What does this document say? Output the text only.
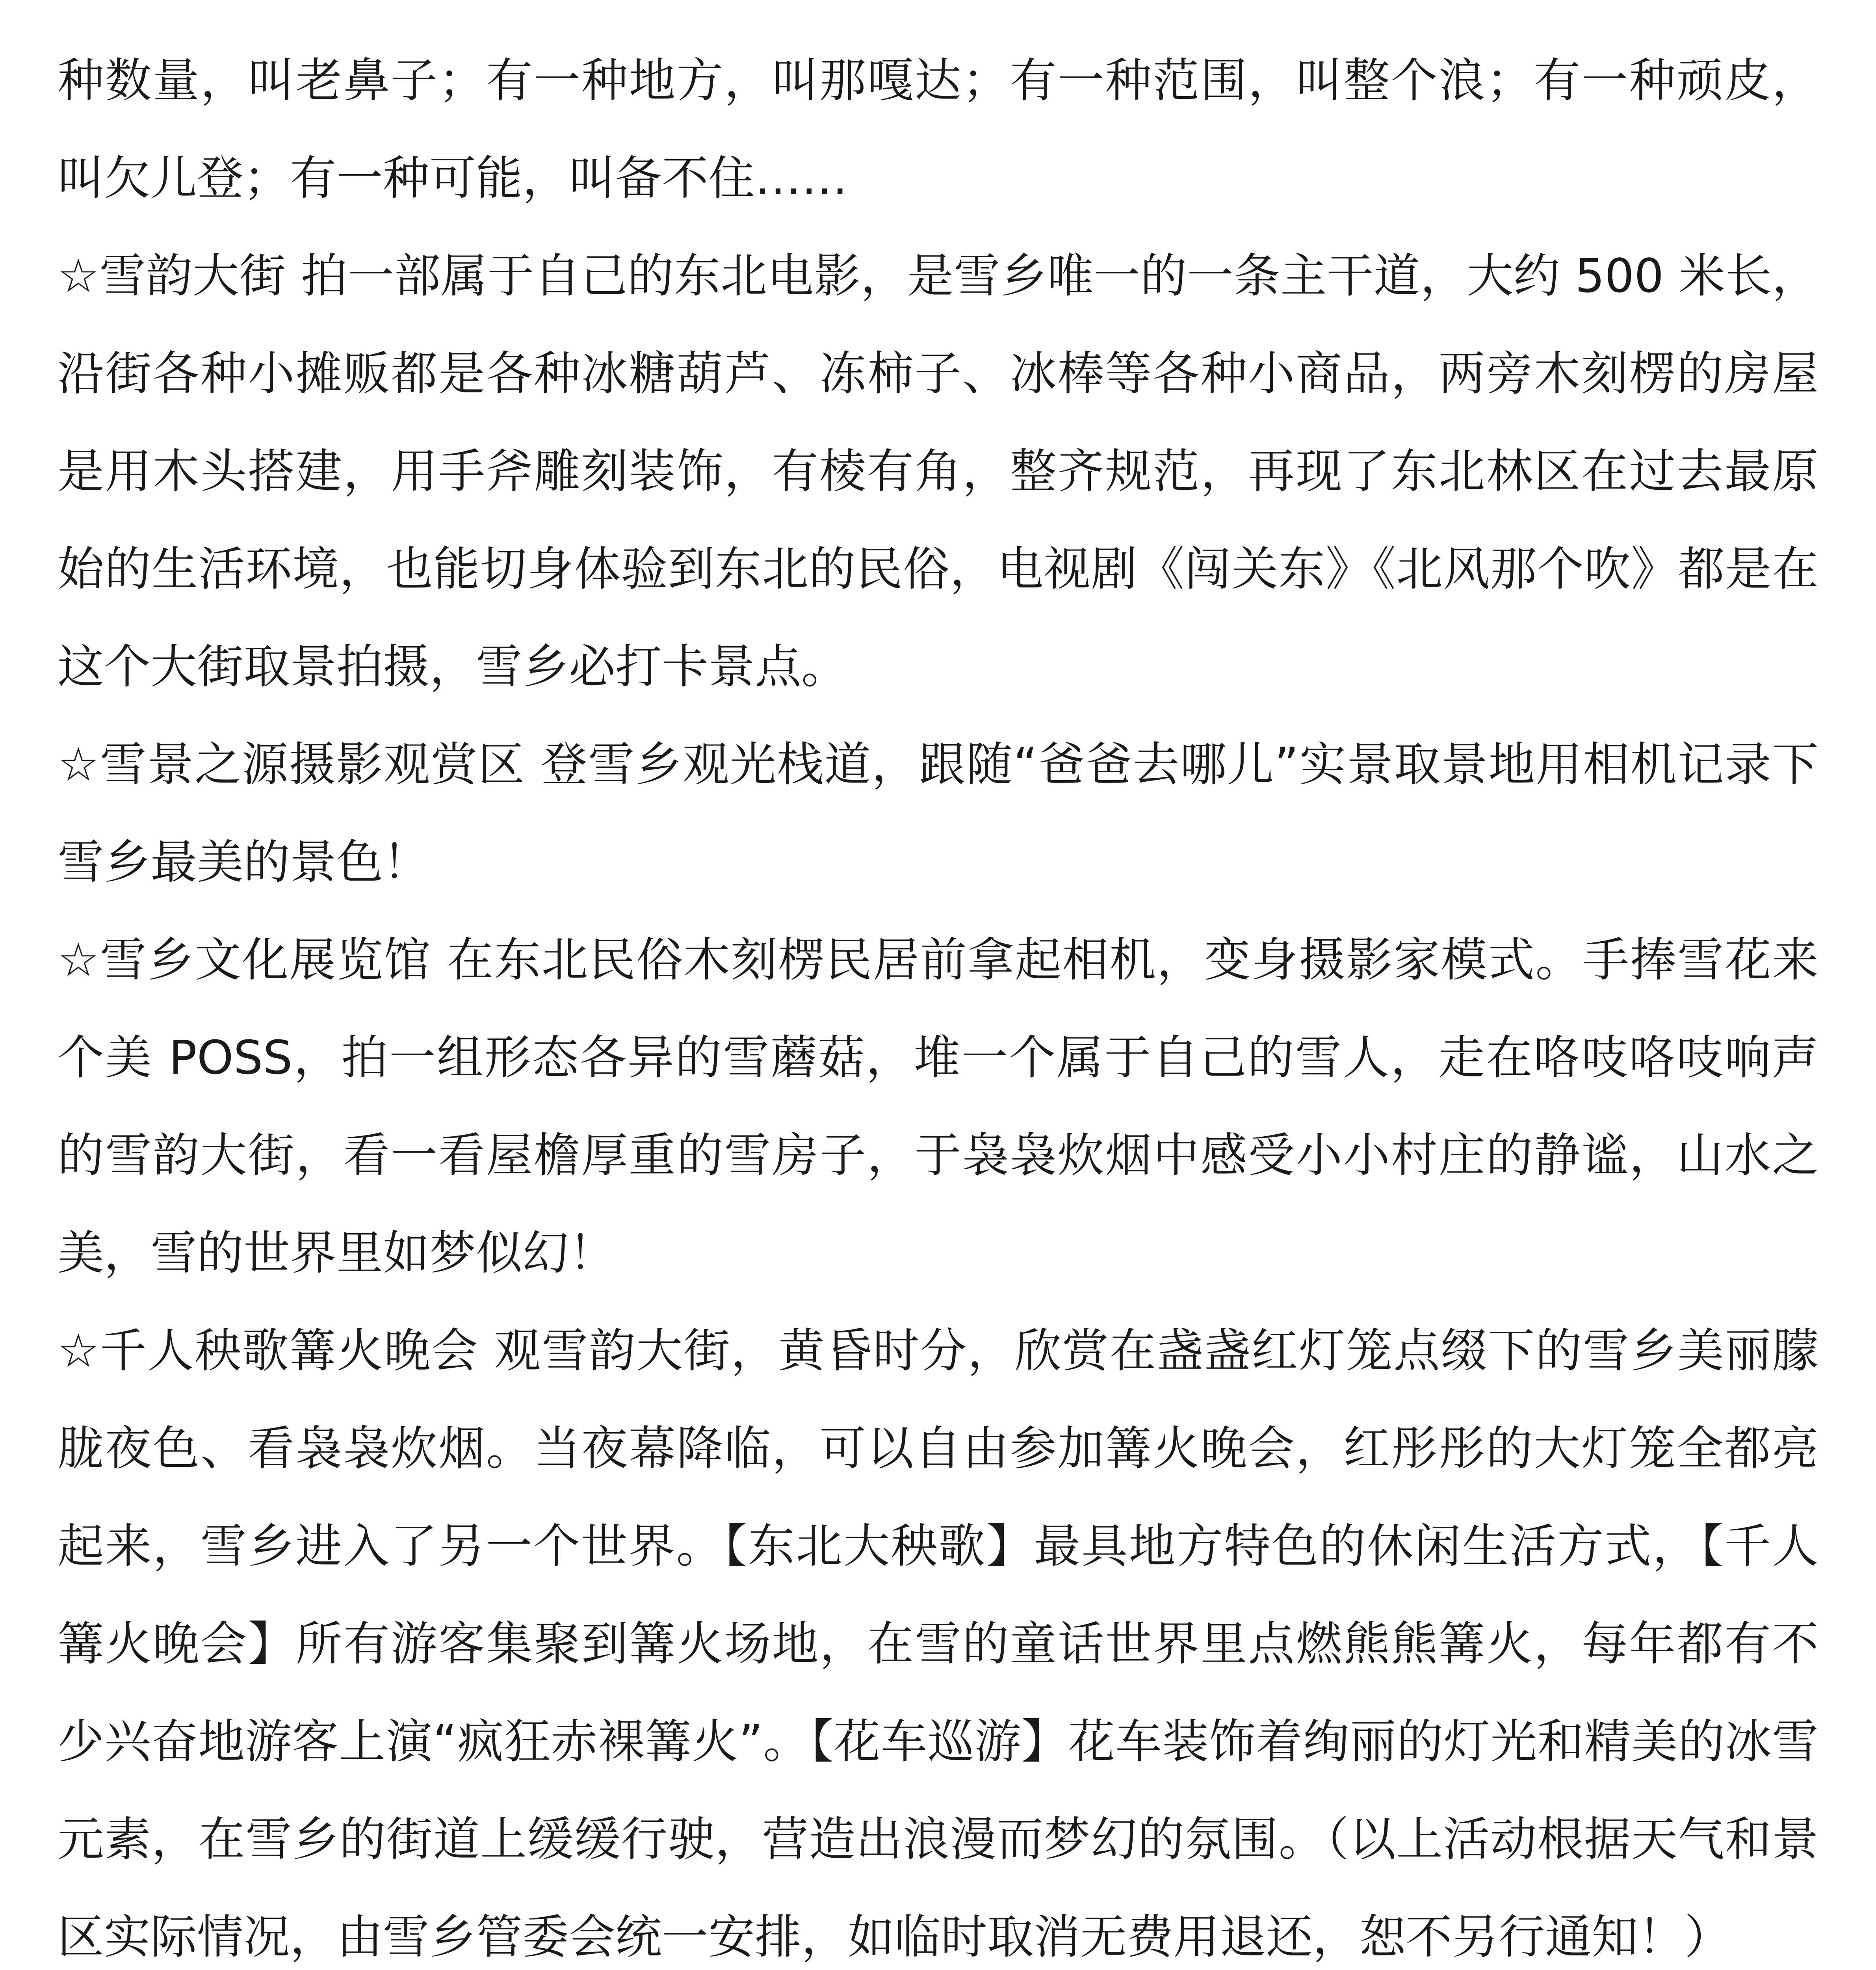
种数量，叫老鼻子；有一种地方，叫那嘎达；有一种范围，叫整个浪；有一种顽皮，叫欠儿登；有一种可能，叫备不住……

☆雪韵大街 拍一部属于自己的东北电影，是雪乡唯一的一条主干道，大约 500 米长，沿街各种小摊贩都是各种冰糖葫芦、冻柿子、冰棒等各种小商品，两旁木刻楞的房屋是用木头搭建，用手斧雕刻装饰，有棱有角，整齐规范，再现了东北林区在过去最原始的生活环境，也能切身体验到东北的民俗，电视剧《闯关东》《北风那个吹》都是在这个大街取景拍摄，雪乡必打卡景点。

☆雪景之源摄影观赏区 登雪乡观光栈道，跟随“爸爸去哪儿”实景取景地用相机记录下雪乡最美的景色！

☆雪乡文化展览馆 在东北民俗木刻楞民居前拿起相机，变身摄影家模式。手捧雪花来个美 POSS，拍一组形态各异的雪蘑菇，堆一个属于自己的雪人，走在咯吱咯吱响声的雪韵大街，看一看屋檐厚重的雪房子，于袅袅炊烟中感受小小村庄的静谧，山水之美，雪的世界里如梦似幻！

☆千人秧歌篝火晚会 观雪韵大街，黄昏时分，欣赏在盏盏红灯笼点缀下的雪乡美丽朦胧夜色、看袅袅炊烟。当夜幕降临，可以自由参加篝火晚会，红彤彤的大灯笼全都亮起来，雪乡进入了另一个世界。【东北大秧歌】最具地方特色的休闲生活方式，【千人篝火晚会】所有游客集聚到篝火场地，在雪的童话世界里点燃熊熊篝火，每年都有不少兴奋地游客上演“疯狂赤裸篝火”。【花车巡游】花车装饰着绚丽的灯光和精美的冰雪元素，在雪乡的街道上缓缓行驶，营造出浪漫而梦幻的氛围。（以上活动根据天气和景区实际情况，由雪乡管委会统一安排，如临时取消无费用退还，恕不另行通知！）
